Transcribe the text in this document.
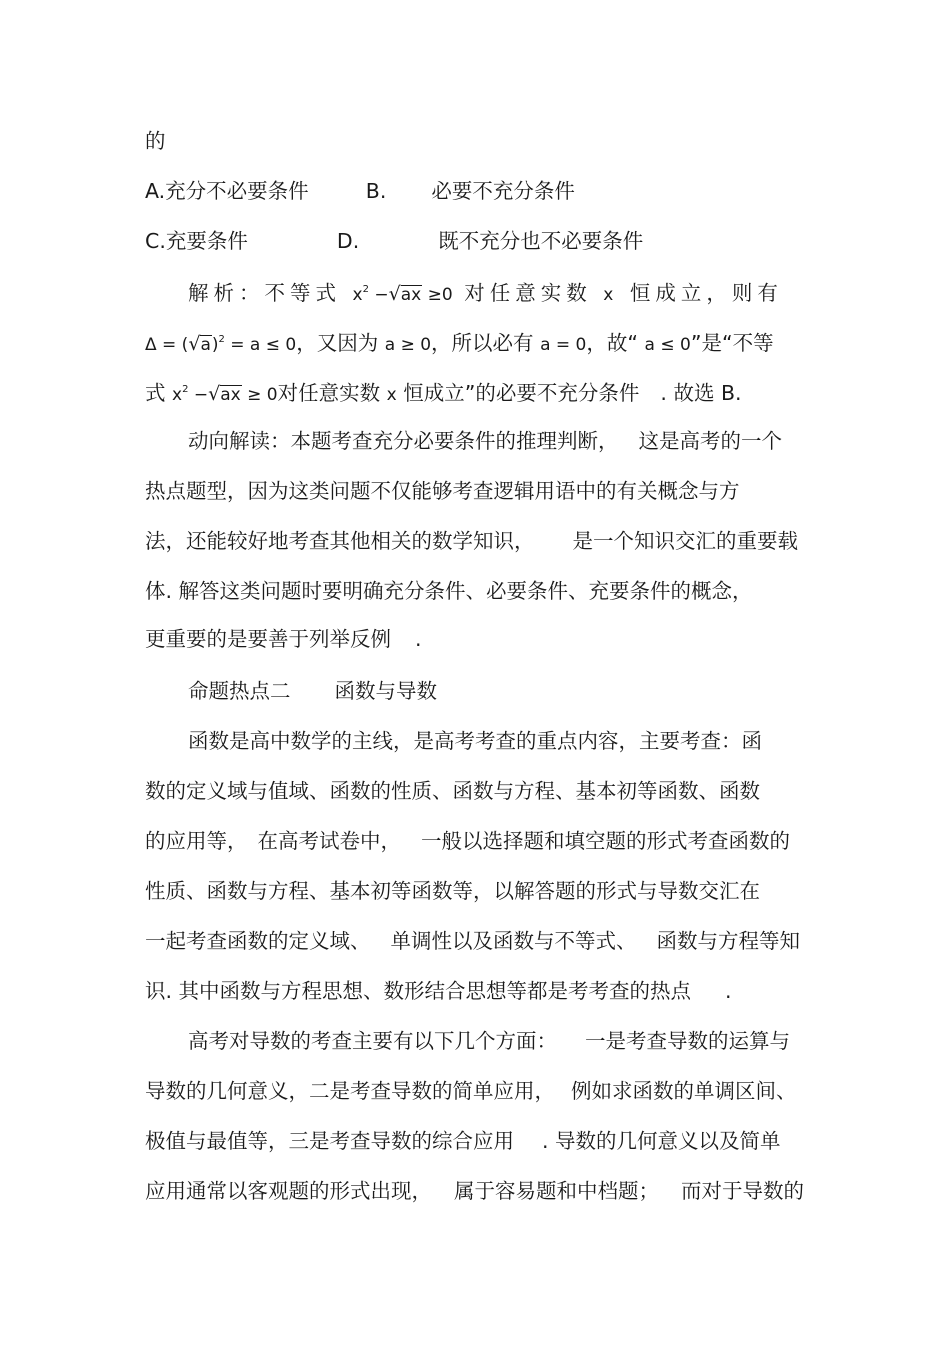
的
A.充分不必要条件	B. 必要不充分条件
C.充要条件	D.	既不充分也不必要条件
解析：不等式 $x^2 -√ax \ge 0$ 对任意实数 x 恒成立，则有
$\Delta = (√a)^2 = a \le 0$，又因为 a ≥ 0，所以必有 a = 0，故“ a ≤ 0”是“不等
式 $x^2 -√ax \ge 0$对任意实数 x 恒成立”的必要不充分条件 . 故选 B.
动向解读：本题考查充分必要条件的推理判断， 这是高考的一个
热点题型，因为这类问题不仅能够考查逻辑用语中的有关概念与方
法，还能较好地考查其他相关的数学知识， 是一个知识交汇的重要载
体. 解答这类问题时要明确充分条件、必要条件、充要条件的概念，
更重要的是要善于列举反例 .
命题热点二 函数与导数
函数是高中数学的主线，是高考考查的重点内容，主要考查：函
数的定义域与值域、函数的性质、函数与方程、基本初等函数、函数
的应用等， 在高考试卷中， 一般以选择题和填空题的形式考查函数的
性质、函数与方程、基本初等函数等，以解答题的形式与导数交汇在
一起考查函数的定义域、 单调性以及函数与不等式、 函数与方程等知
识. 其中函数与方程思想、数形结合思想等都是考考查的热点 .
高考对导数的考查主要有以下几个方面： 一是考查导数的运算与
导数的几何意义，二是考查导数的简单应用， 例如求函数的单调区间、
极值与最值等，三是考查导数的综合应用 . 导数的几何意义以及简单
应用通常以客观题的形式出现， 属于容易题和中档题； 而对于导数的
